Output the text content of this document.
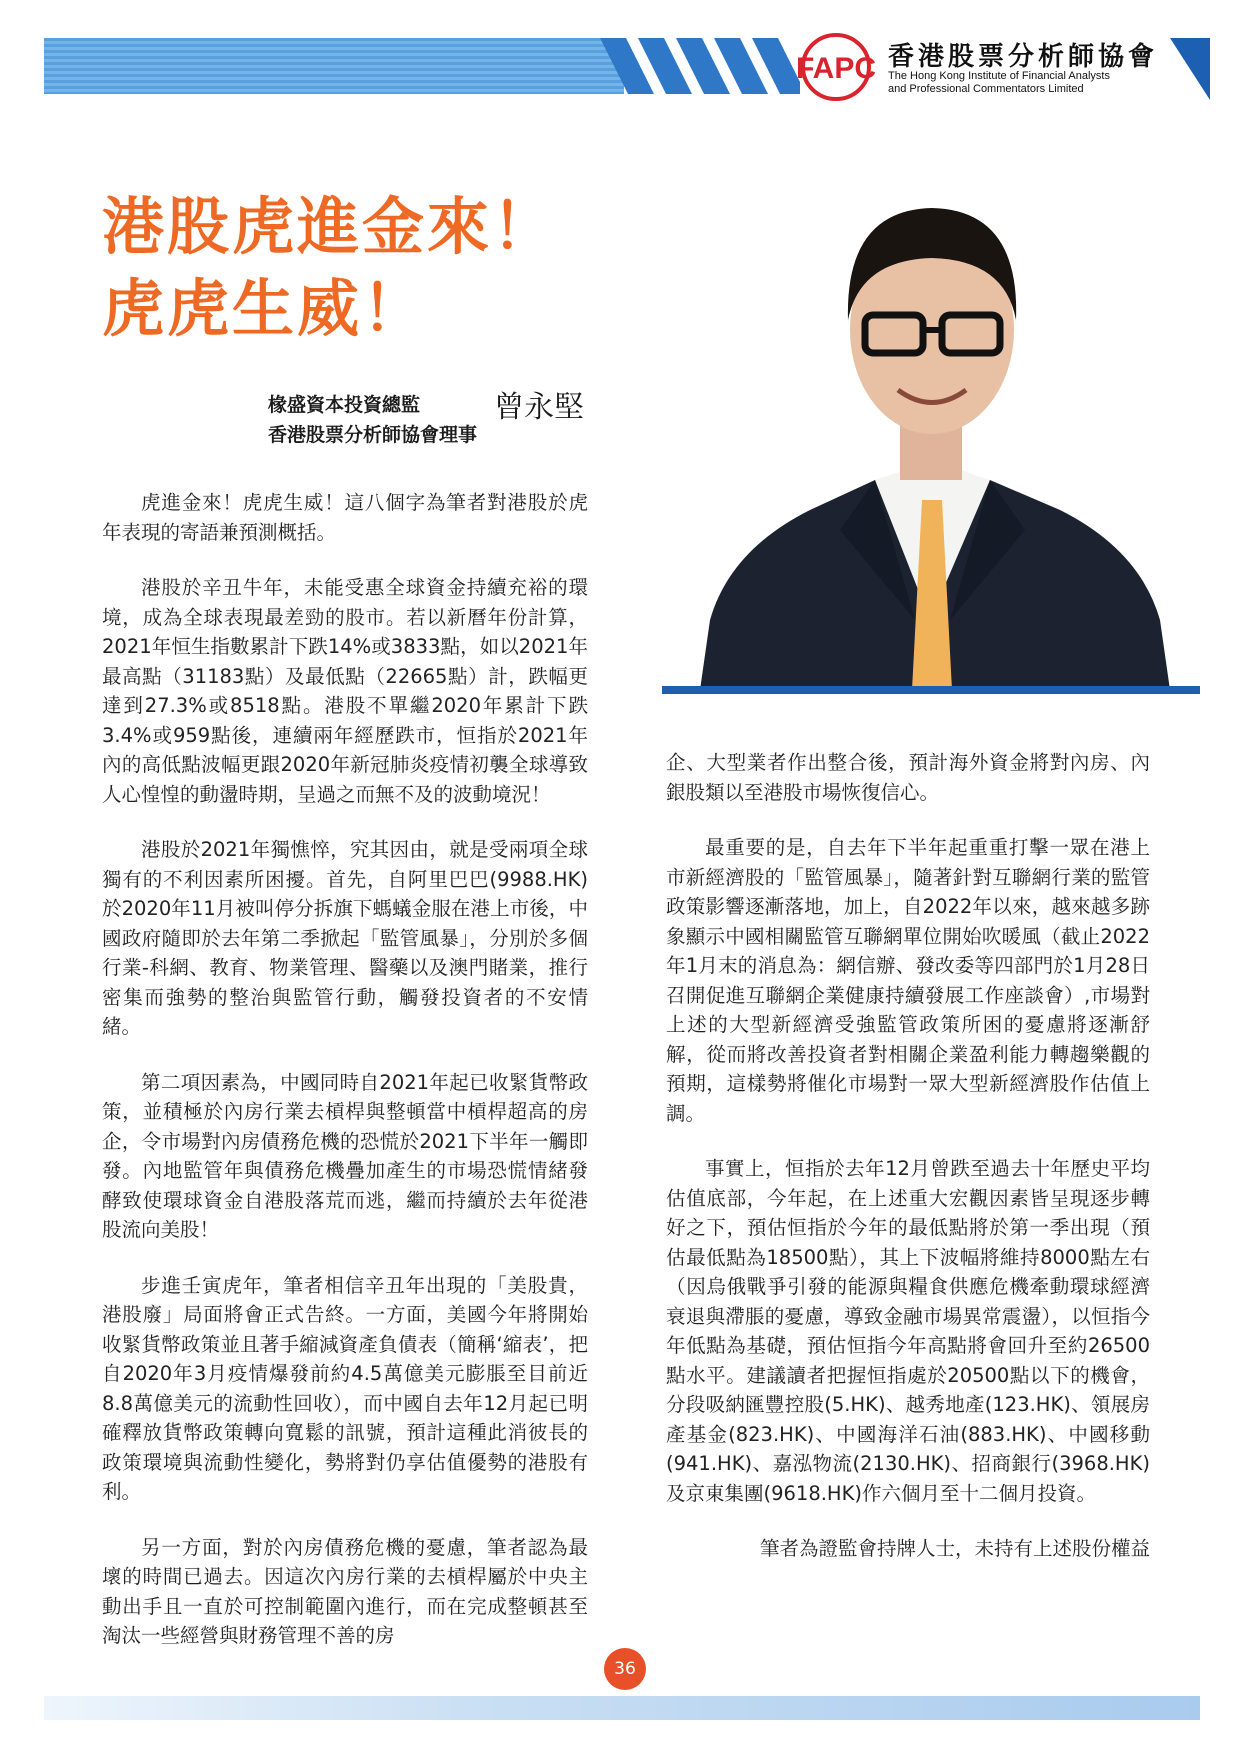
FAPC 香港股票分析師協會
The Hong Kong Institute of Financial Analysts
and Professional Commentators Limited
港股虎進金來！
虎虎生威！
椽盛資本投資總監
香港股票分析師協會理事
曾永堅

虎進金來！虎虎生威！這八個字為筆者對港股於虎年表現的寄語兼預測概括。

港股於辛丑牛年，未能受惠全球資金持續充裕的環境，成為全球表現最差勁的股市。若以新曆年份計算，2021年恒生指數累計下跌14%或3833點，如以2021年最高點（31183點）及最低點（22665點）計，跌幅更達到27.3%或8518點。港股不單繼2020年累計下跌3.4%或959點後，連續兩年經歷跌市，恒指於2021年內的高低點波幅更跟2020年新冠肺炎疫情初襲全球導致人心惶惶的動盪時期，呈過之而無不及的波動境況！

港股於2021年獨憔悴，究其因由，就是受兩項全球獨有的不利因素所困擾。首先，自阿里巴巴(9988.HK)於2020年11月被叫停分拆旗下螞蟻金服在港上市後，中國政府隨即於去年第二季掀起「監管風暴」，分別於多個行業-科網、教育、物業管理、醫藥以及澳門賭業，推行密集而強勢的整治與監管行動，觸發投資者的不安情緒。

第二項因素為，中國同時自2021年起已收緊貨幣政策，並積極於內房行業去槓桿與整頓當中槓桿超高的房企，令市場對內房債務危機的恐慌於2021下半年一觸即發。內地監管年與債務危機疊加產生的市場恐慌情緒發酵致使環球資金自港股落荒而逃，繼而持續於去年從港股流向美股！

步進壬寅虎年，筆者相信辛丑年出現的「美股貴，港股廢」局面將會正式告終。一方面，美國今年將開始收緊貨幣政策並且著手縮減資產負債表（簡稱‘縮表’，把自2020年3月疫情爆發前約4.5萬億美元膨脹至目前近8.8萬億美元的流動性回收），而中國自去年12月起已明確釋放貨幣政策轉向寬鬆的訊號，預計這種此消彼長的政策環境與流動性變化，勢將對仍享估值優勢的港股有利。

另一方面，對於內房債務危機的憂慮，筆者認為最壞的時間已過去。因這次內房行業的去槓桿屬於中央主動出手且一直於可控制範圍內進行，而在完成整頓甚至淘汰一些經營與財務管理不善的房

企、大型業者作出整合後，預計海外資金將對內房、內銀股類以至港股市場恢復信心。

最重要的是，自去年下半年起重重打擊一眾在港上市新經濟股的「監管風暴」，隨著針對互聯網行業的監管政策影響逐漸落地，加上，自2022年以來，越來越多跡象顯示中國相關監管互聯網單位開始吹暖風（截止2022年1月末的消息為：網信辦、發改委等四部門於1月28日召開促進互聯網企業健康持續發展工作座談會）,市場對上述的大型新經濟受強監管政策所困的憂慮將逐漸舒解，從而將改善投資者對相關企業盈利能力轉趨樂觀的預期，這樣勢將催化市場對一眾大型新經濟股作估值上調。

事實上，恒指於去年12月曾跌至過去十年歷史平均估值底部，今年起，在上述重大宏觀因素皆呈現逐步轉好之下，預估恒指於今年的最低點將於第一季出現（預估最低點為18500點），其上下波幅將維持8000點左右（因烏俄戰爭引發的能源與糧食供應危機牽動環球經濟衰退與滯脹的憂慮，導致金融市場異常震盪），以恒指今年低點為基礎，預估恒指今年高點將會回升至約26500點水平。建議讀者把握恒指處於20500點以下的機會，分段吸納匯豐控股(5.HK)、越秀地產(123.HK)、領展房產基金(823.HK)、中國海洋石油(883.HK)、中國移動(941.HK)、嘉泓物流(2130.HK)、招商銀行(3968.HK)及京東集團(9618.HK)作六個月至十二個月投資。

筆者為證監會持牌人士，未持有上述股份權益

36
